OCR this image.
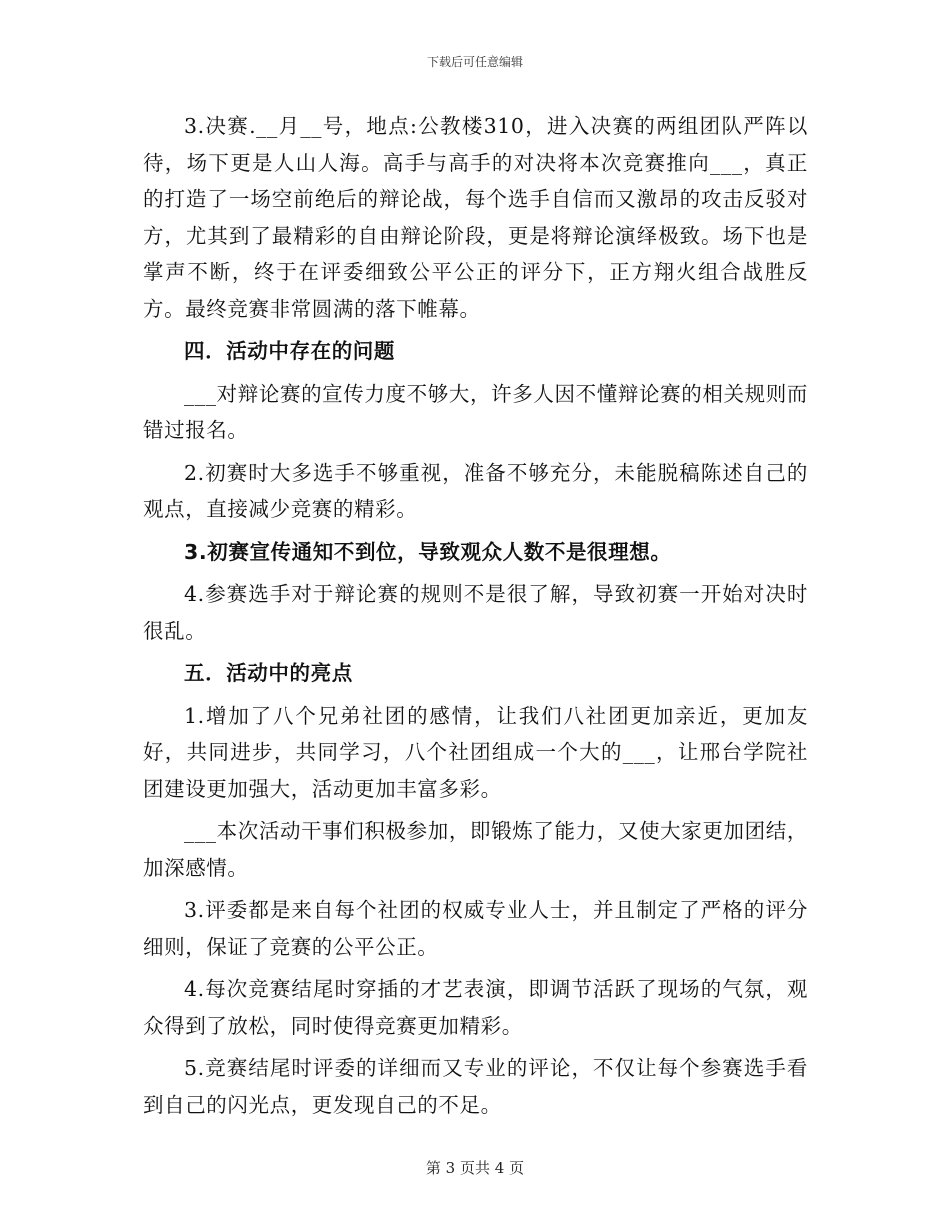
下载后可任意编辑

3.决赛.__月__号，地点:公教楼310，进入决赛的两组团队严阵以待，场下更是人山人海。高手与高手的对决将本次竞赛推向___，真正的打造了一场空前绝后的辩论战，每个选手自信而又激昂的攻击反驳对方，尤其到了最精彩的自由辩论阶段，更是将辩论演绎极致。场下也是掌声不断，终于在评委细致公平公正的评分下，正方翔火组合战胜反方。最终竞赛非常圆满的落下帷幕。

四．活动中存在的问题

___对辩论赛的宣传力度不够大，许多人因不懂辩论赛的相关规则而错过报名。

2.初赛时大多选手不够重视，准备不够充分，未能脱稿陈述自己的观点，直接减少竞赛的精彩。

3.初赛宣传通知不到位，导致观众人数不是很理想。

4.参赛选手对于辩论赛的规则不是很了解，导致初赛一开始对决时很乱。

五．活动中的亮点

1.增加了八个兄弟社团的感情，让我们八社团更加亲近，更加友好，共同进步，共同学习，八个社团组成一个大的___，让邢台学院社团建设更加强大，活动更加丰富多彩。

___本次活动干事们积极参加，即锻炼了能力，又使大家更加团结，加深感情。

3.评委都是来自每个社团的权威专业人士，并且制定了严格的评分细则，保证了竞赛的公平公正。

4.每次竞赛结尾时穿插的才艺表演，即调节活跃了现场的气氛，观众得到了放松，同时使得竞赛更加精彩。

5.竞赛结尾时评委的详细而又专业的评论，不仅让每个参赛选手看到自己的闪光点，更发现自己的不足。

第 3 页共 4 页
